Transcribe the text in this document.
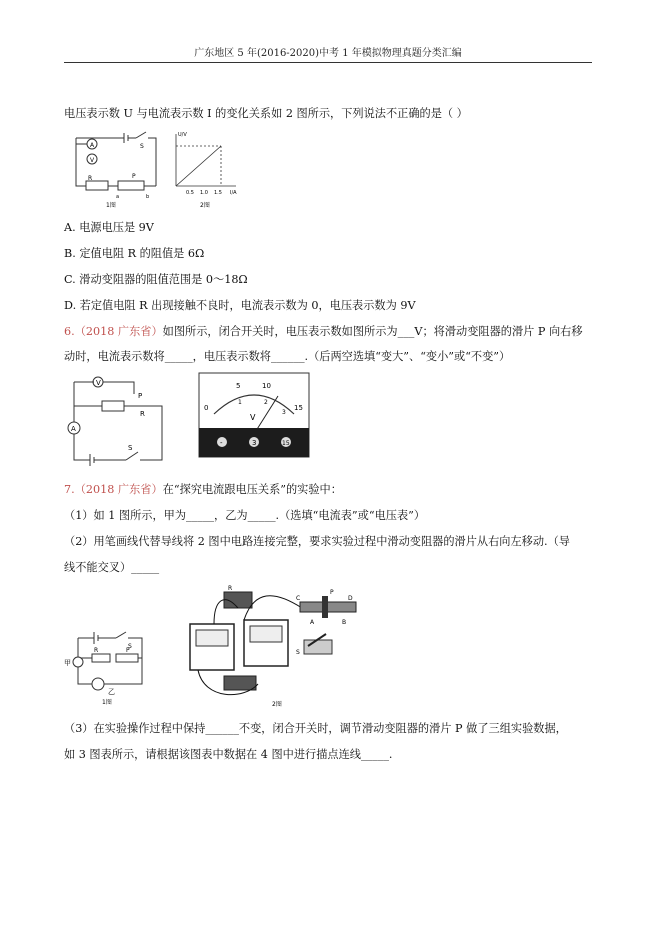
广东地区 5 年(2016-2020)中考 1 年模拟物理真题分类汇编
电压表示数 U 与电流表示数 I 的变化关系如 2 图所示，下列说法不正确的是（ ）
A
V
S
R	P
a	b
1图
U/V
I/A
0.5 1.0 1.5
2图
A. 电源电压是 9V
B. 定值电阻 R 的阻值是 6Ω
C. 滑动变阻器的阻值范围是 0～18Ω
D. 若定值电阻 R 出现接触不良时，电流表示数为 0，电压表示数为 9V
6.（2018 广东省）如图所示，闭合开关时，电压表示数如图所示为___V；将滑动变阻器的滑片 P 向右移
动时，电流表示数将_____，电压表示数将______.（后两空选填“变大”、“变小”或“不变”）
V
A
P
R
S
0
5	10
15
1	2
3
V
-	3	15
7.（2018 广东省）在“探究电流跟电压关系”的实验中：
（1）如 1 图所示，甲为_____，乙为_____.（选填“电流表”或“电压表”）
（2）用笔画线代替导线将 2 图中电路连接完整，要求实验过程中滑动变阻器的滑片从右向左移动.（导
线不能交叉）_____
甲
乙
R	P
S
1图
R
C	D
A	B
P
S
2图
（3）在实验操作过程中保持______不变，闭合开关时，调节滑动变阻器的滑片 P 做了三组实验数据，
如 3 图表所示，请根据该图表中数据在 4 图中进行描点连线_____.
